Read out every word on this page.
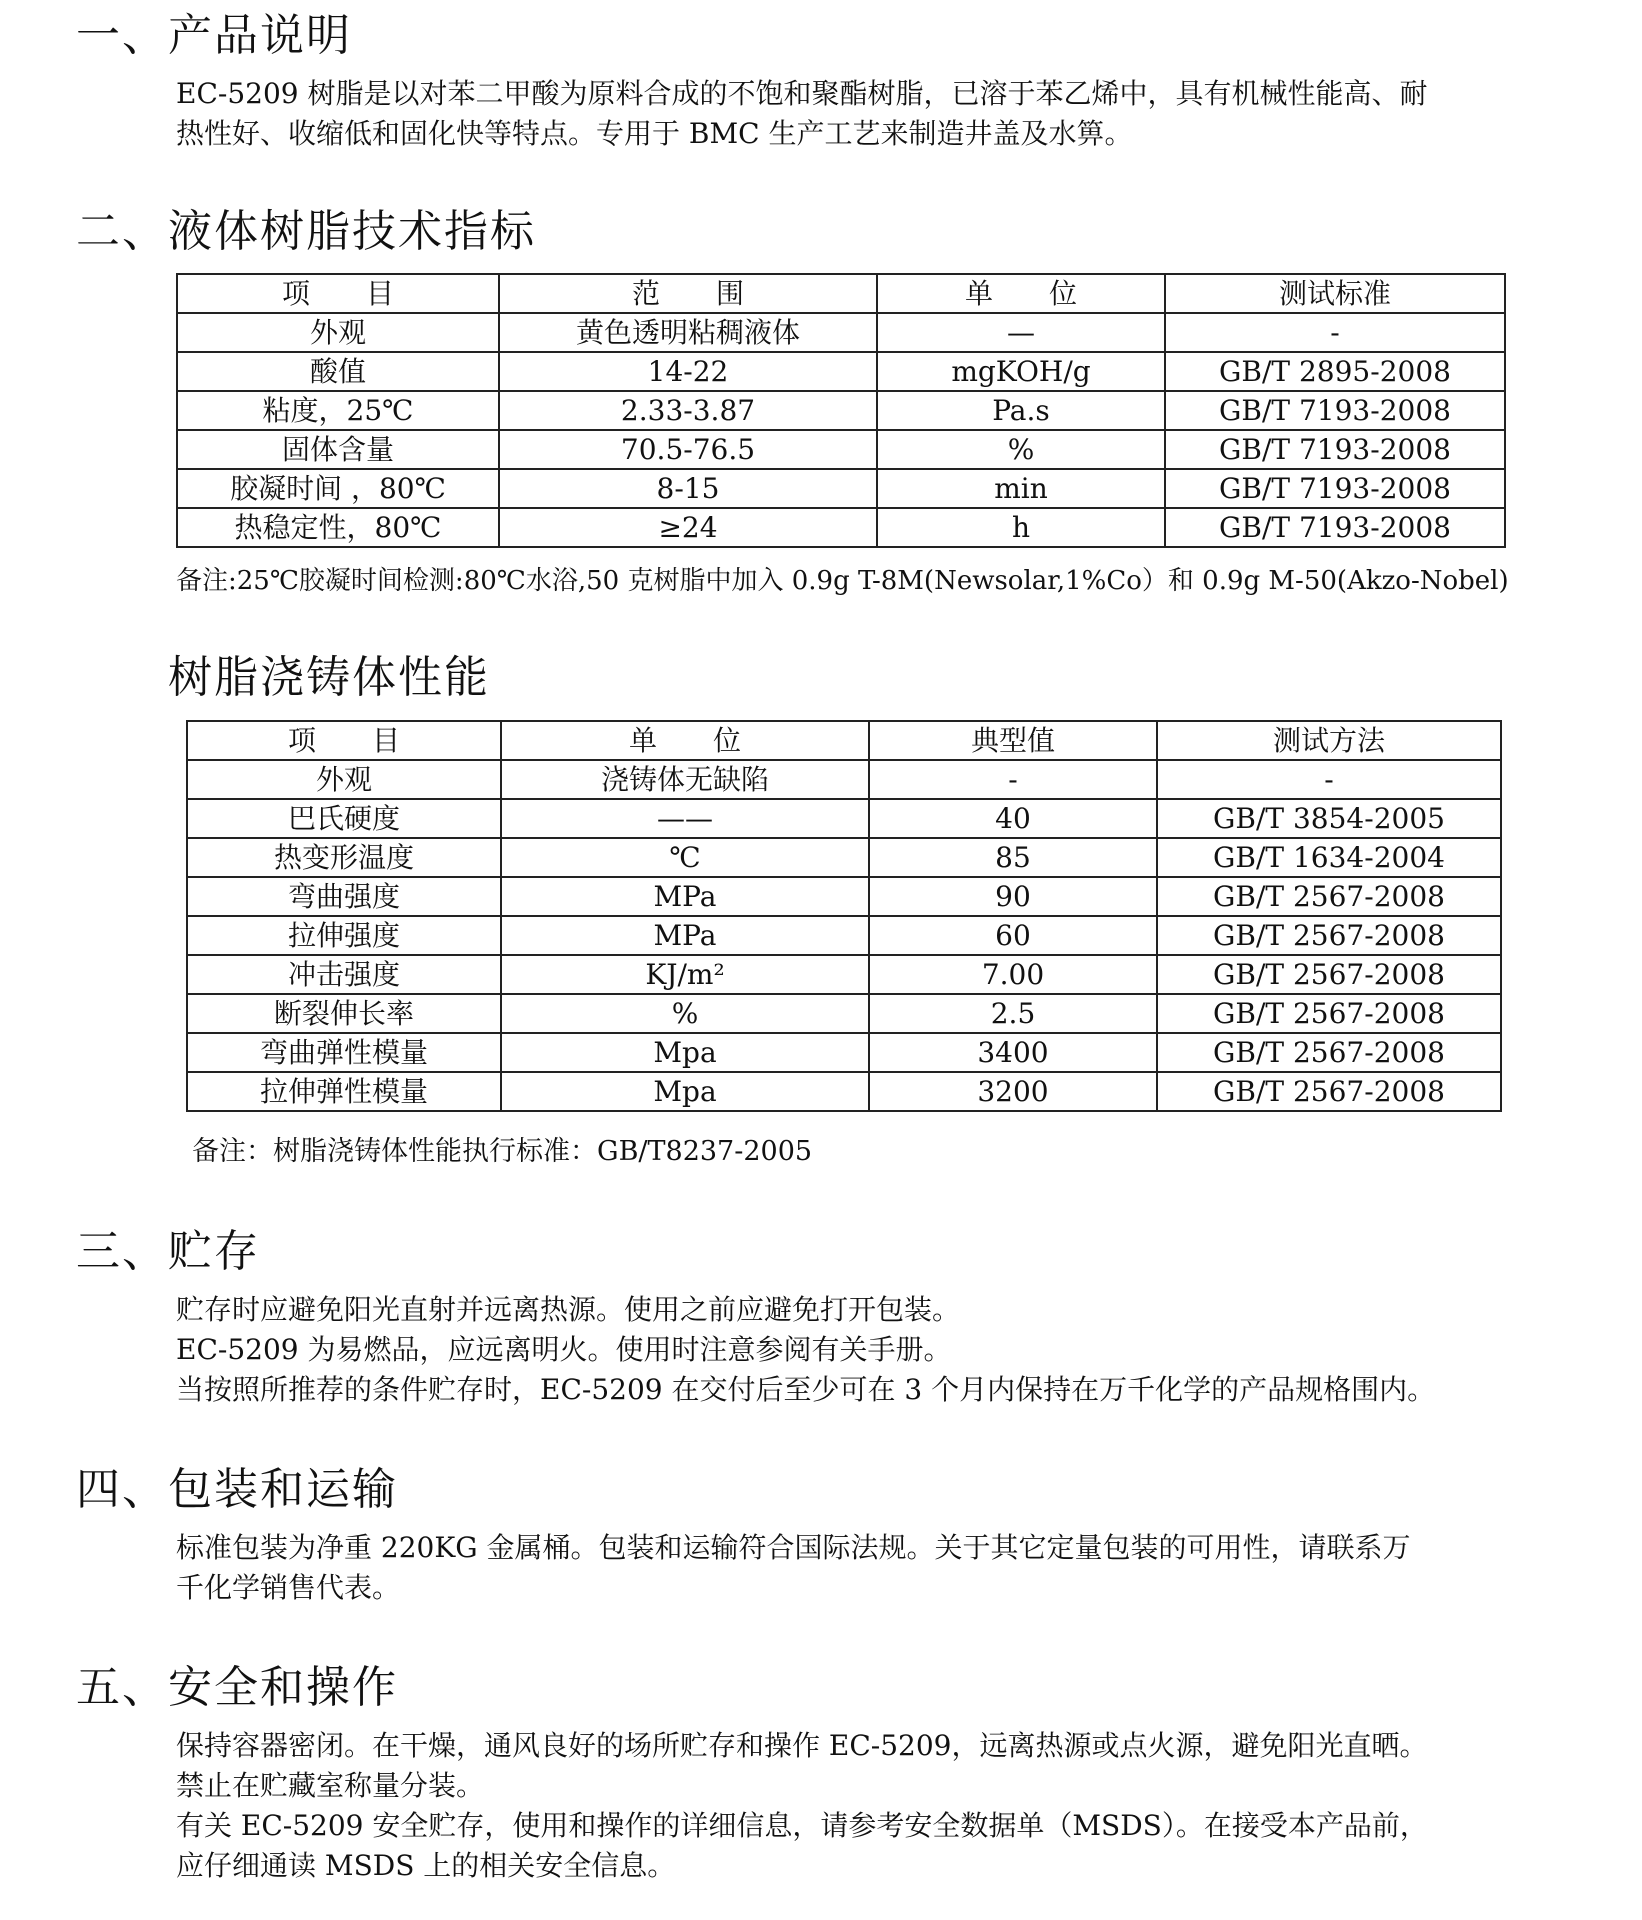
一、产品说明

EC-5209 树脂是以对苯二甲酸为原料合成的不饱和聚酯树脂，已溶于苯乙烯中，具有机械性能高、耐

热性好、收缩低和固化快等特点。专用于 BMC 生产工艺来制造井盖及水箅。

二、液体树脂技术指标
项　　目	范　　围	单　　位	测试标准
外观	黄色透明粘稠液体	—	-
酸值	14-22	mgKOH/g	GB/T 2895-2008
粘度，25℃	2.33-3.87	Pa.s	GB/T 7193-2008
固体含量	70.5-76.5	%	GB/T 7193-2008
胶凝时间 ，80℃	8-15	min	GB/T 7193-2008
热稳定性，80℃	≥24	h	GB/T 7193-2008

备注:25℃胶凝时间检测:80℃水浴,50 克树脂中加入 0.9g T-8M(Newsolar,1%Co）和 0.9g M-50(Akzo-Nobel)

树脂浇铸体性能
项　　目	单　　位	典型值	测试方法
外观	浇铸体无缺陷	-	-
巴氏硬度	——	40	GB/T 3854-2005
热变形温度	℃	85	GB/T 1634-2004
弯曲强度	MPa	90	GB/T 2567-2008
拉伸强度	MPa	60	GB/T 2567-2008
冲击强度	KJ/m²	7.00	GB/T 2567-2008
断裂伸长率	%	2.5	GB/T 2567-2008
弯曲弹性模量	Mpa	3400	GB/T 2567-2008
拉伸弹性模量	Mpa	3200	GB/T 2567-2008

备注：树脂浇铸体性能执行标准：GB/T8237-2005

三、贮存

贮存时应避免阳光直射并远离热源。使用之前应避免打开包装。

EC-5209 为易燃品，应远离明火。使用时注意参阅有关手册。

当按照所推荐的条件贮存时，EC-5209 在交付后至少可在 3 个月内保持在万千化学的产品规格围内。

四、包装和运输

标准包装为净重 220KG 金属桶。包装和运输符合国际法规。关于其它定量包装的可用性，请联系万

千化学销售代表。

五、安全和操作

保持容器密闭。在干燥，通风良好的场所贮存和操作 EC-5209，远离热源或点火源，避免阳光直晒。

禁止在贮藏室称量分装。

有关 EC-5209 安全贮存，使用和操作的详细信息，请参考安全数据单（MSDS）。在接受本产品前，

应仔细通读 MSDS 上的相关安全信息。
